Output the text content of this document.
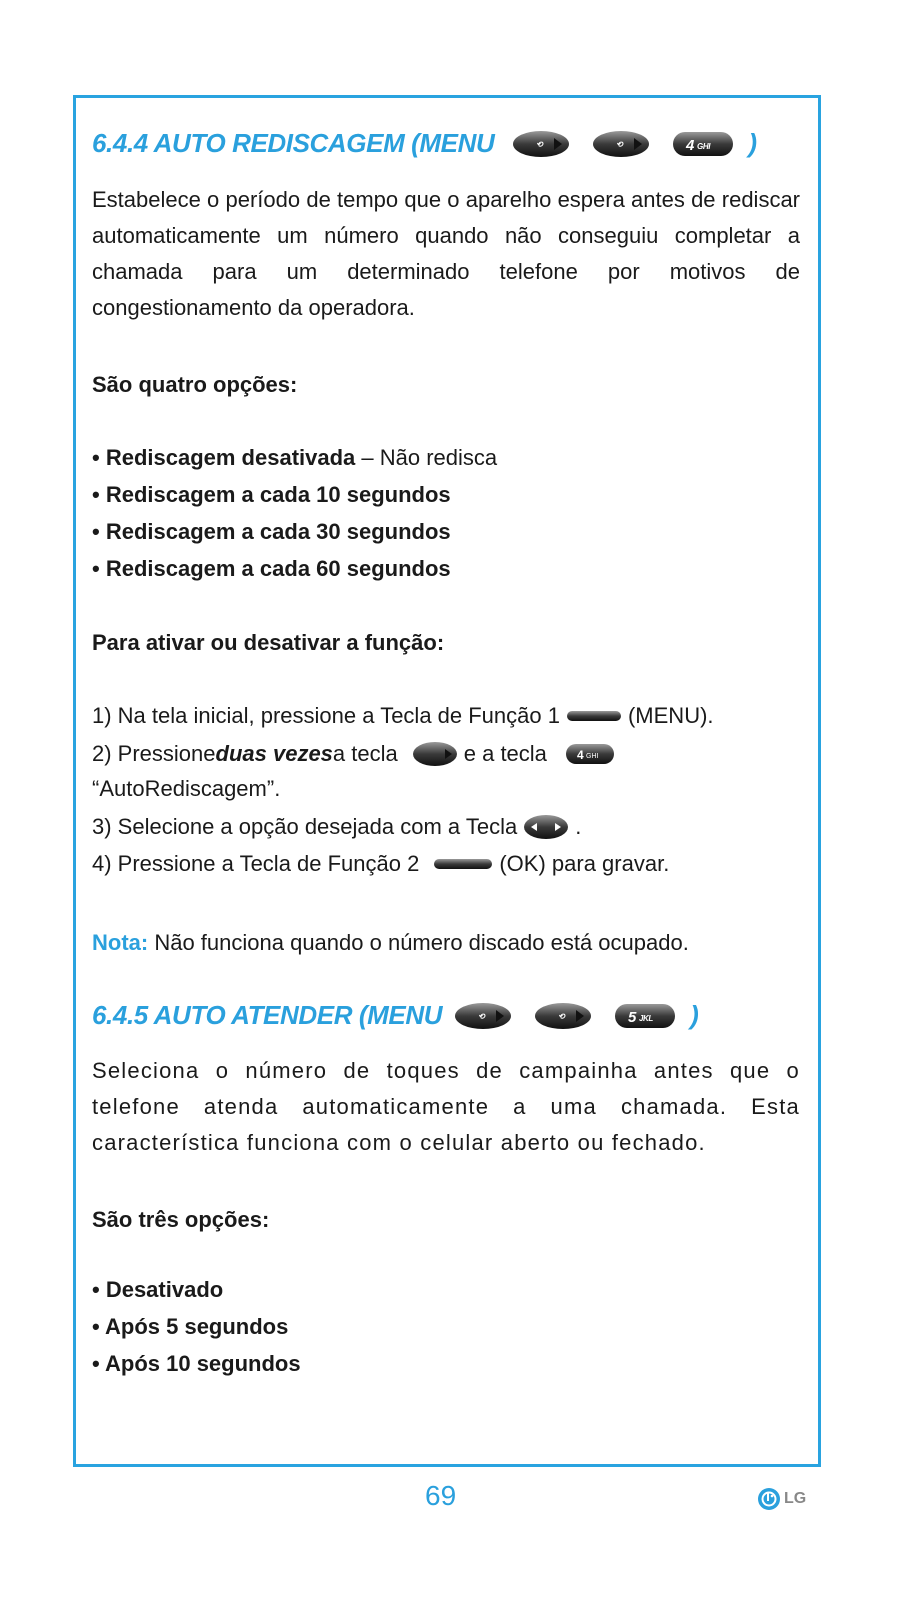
6.4.4 AUTO REDISCAGEM (MENU	⟲	⟲	4 GHI )

Estabelece o período de tempo que o aparelho espera antes de rediscar automaticamente um número quando não conseguiu completar a chamada para um determinado telefone por motivos de congestionamento da operadora.

São quatro opções:
• Rediscagem desativada – Não redisca
• Rediscagem a cada 10 segundos
• Rediscagem a cada 30 segundos
• Rediscagem a cada 60 segundos
Para ativar ou desativar a função:
1) Na tela inicial, pressione a Tecla de Função 1	(MENU).
2) Pressione duas vezes a tecla	e a tecla	4 GHI
“AutoRediscagem”.
3) Selecione a opção desejada com a Tecla	.
4) Pressione a Tecla de Função 2	(OK) para gravar.
Nota: Não funciona quando o número discado está ocupado.
6.4.5 AUTO ATENDER (MENU	⟲	⟲	5 JKL )

Seleciona o número de toques de campainha antes que o telefone atenda automaticamente a uma chamada. Esta característica funciona com o celular aberto ou fechado.

São três opções:
• Desativado
• Após 5 segundos
• Após 10 segundos
69	LG
